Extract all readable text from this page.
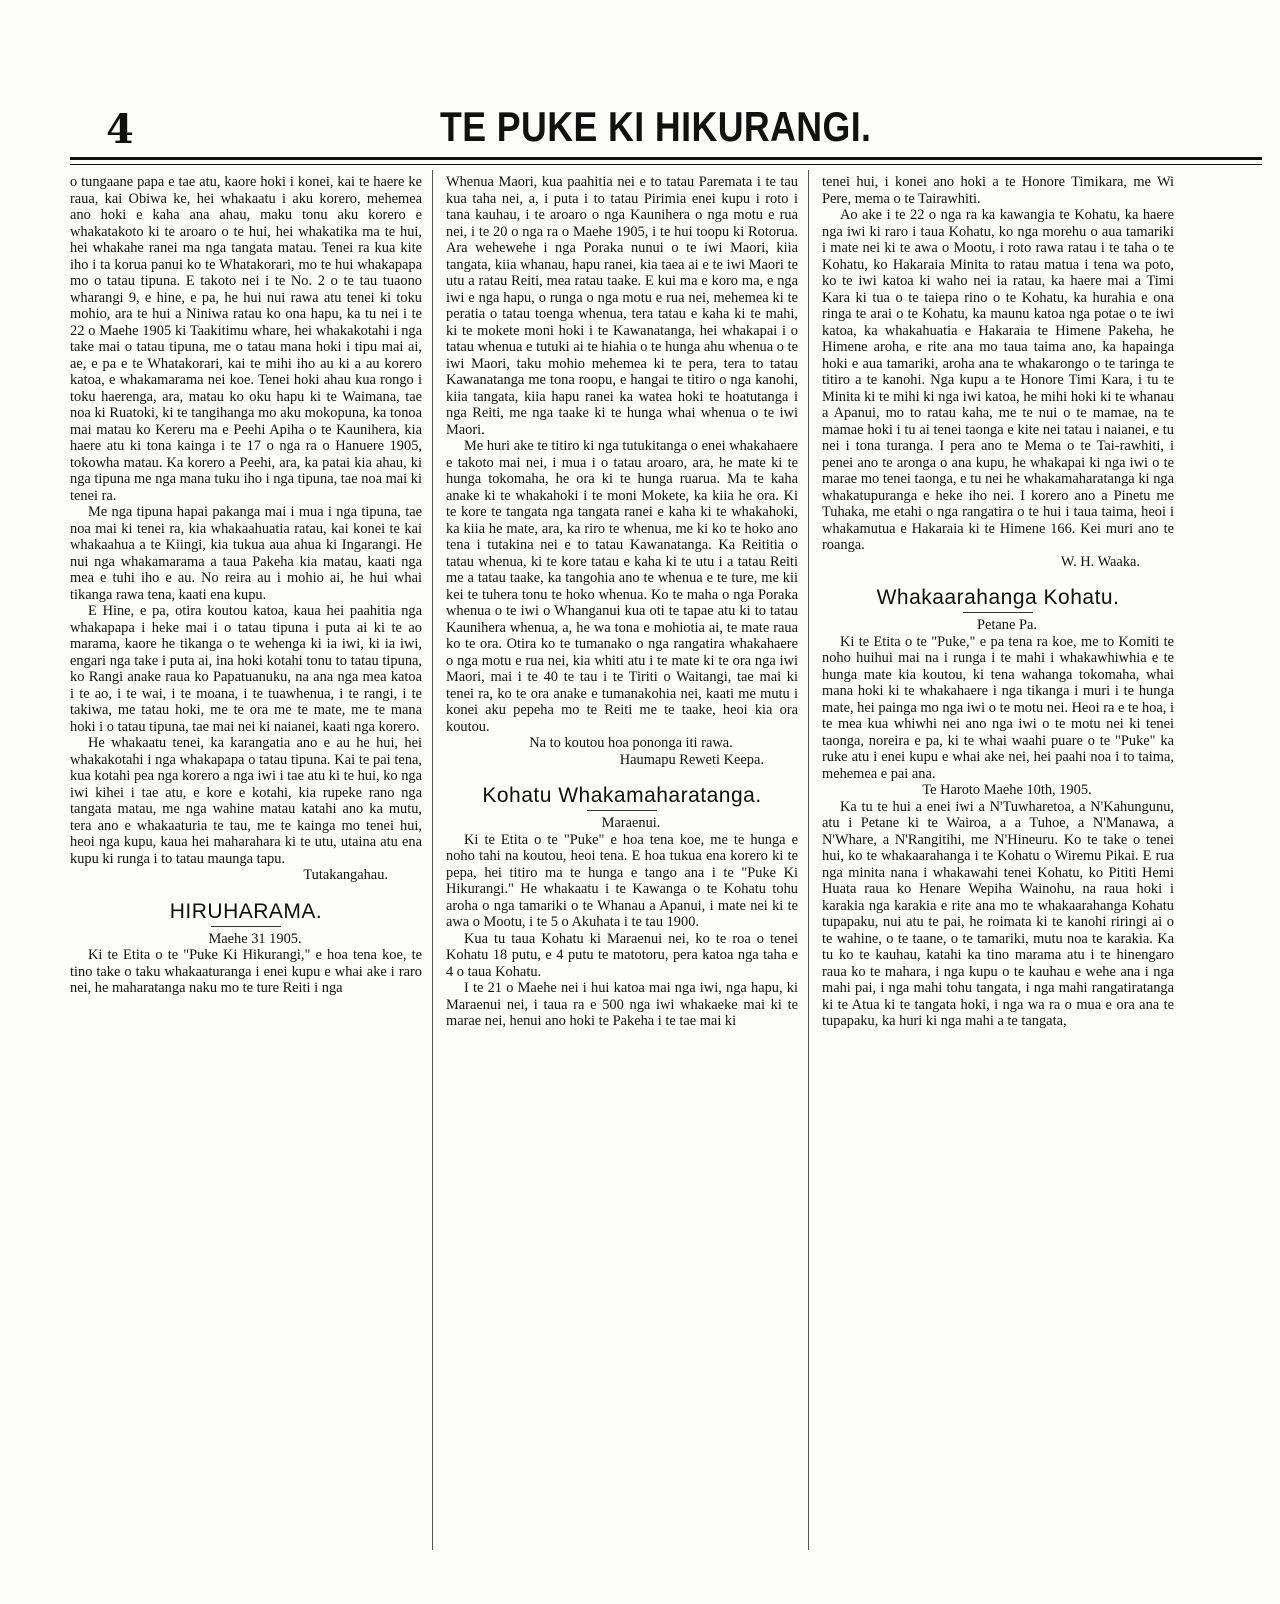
4	TE PUKE KI HIKURANGI.

o tungaane papa e tae atu, kaore hoki i konei, kai te haere ke raua, kai Obiwa ke, hei whakaatu i aku korero, mehemea ano hoki e kaha ana ahau, maku tonu aku korero e whakatakoto ki te aroaro o te hui, hei whakatika ma te hui, hei whakahe ranei ma nga tangata matau. Tenei ra kua kite iho i ta korua panui ko te Whatakorari, mo te hui whakapapa mo o tatau tipuna. E takoto nei i te No. 2 o te tau tuaono wharangi 9, e hine, e pa, he hui nui rawa atu tenei ki toku mohio, ara te hui a Niniwa ratau ko ona hapu, ka tu nei i te 22 o Maehe 1905 ki Taakitimu whare, hei whakakotahi i nga take mai o tatau tipuna, me o tatau mana hoki i tipu mai ai, ae, e pa e te Whatakorari, kai te mihi iho au ki a au korero katoa, e whakamarama nei koe. Tenei hoki ahau kua rongo i toku haerenga, ara, matau ko oku hapu ki te Waimana, tae noa ki Ruatoki, ki te tangihanga mo aku mokopuna, ka tonoa mai matau ko Kereru ma e Peehi Apiha o te Kaunihera, kia haere atu ki tona kainga i te 17 o nga ra o Hanuere 1905, tokowha matau. Ka korero a Peehi, ara, ka patai kia ahau, ki nga tipuna me nga mana tuku iho i nga tipuna, tae noa mai ki tenei ra.

Me nga tipuna hapai pakanga mai i mua i nga tipuna, tae noa mai ki tenei ra, kia whakaahuatia ratau, kai konei te kai whakaahua a te Kiingi, kia tukua aua ahua ki Ingarangi. He nui nga whakamarama a taua Pakeha kia matau, kaati nga mea e tuhi iho e au. No reira au i mohio ai, he hui whai tikanga rawa tena, kaati ena kupu.

E Hine, e pa, otira koutou katoa, kaua hei paahitia nga whakapapa i heke mai i o tatau tipuna i puta ai ki te ao marama, kaore he tikanga o te wehenga ki ia iwi, ki ia iwi, engari nga take i puta ai, ina hoki kotahi tonu to tatau tipuna, ko Rangi anake raua ko Papatuanuku, na ana nga mea katoa i te ao, i te wai, i te moana, i te tuawhenua, i te rangi, i te takiwa, me tatau hoki, me te ora me te mate, me te mana hoki i o tatau tipuna, tae mai nei ki naianei, kaati nga korero.

He whakaatu tenei, ka karangatia ano e au he hui, hei whakakotahi i nga whakapapa o tatau tipuna. Kai te pai tena, kua kotahi pea nga korero a nga iwi i tae atu ki te hui, ko nga iwi kihei i tae atu, e kore e kotahi, kia rupeke rano nga tangata matau, me nga wahine matau katahi ano ka mutu, tera ano e whakaaturia te tau, me te kainga mo tenei hui, heoi nga kupu, kaua hei maharahara ki te utu, utaina atu ena kupu ki runga i to tatau maunga tapu.

Tutakangahau.

HIRUHARAMA.

Maehe 31 1905.

Ki te Etita o te "Puke Ki Hikurangi," e hoa tena koe, te tino take o taku whakaaturanga i enei kupu e whai ake i raro nei, he maharatanga naku mo te ture Reiti i nga

Whenua Maori, kua paahitia nei e to tatau Paremata i te tau kua taha nei, a, i puta i to tatau Pirimia enei kupu i roto i tana kauhau, i te aroaro o nga Kaunihera o nga motu e rua nei, i te 20 o nga ra o Maehe 1905, i te hui toopu ki Rotorua. Ara wehewehe i nga Poraka nunui o te iwi Maori, kiia tangata, kiia whanau, hapu ranei, kia taea ai e te iwi Maori te utu a ratau Reiti, mea ratau taake. E kui ma e koro ma, e nga iwi e nga hapu, o runga o nga motu e rua nei, mehemea ki te peratia o tatau toenga whenua, tera tatau e kaha ki te mahi, ki te mokete moni hoki i te Kawanatanga, hei whakapai i o tatau whenua e tutuki ai te hiahia o te hunga ahu whenua o te iwi Maori, taku mohio mehemea ki te pera, tera to tatau Kawanatanga me tona roopu, e hangai te titiro o nga kanohi, kiia tangata, kiia hapu ranei ka watea hoki te hoatutanga i nga Reiti, me nga taake ki te hunga whai whenua o te iwi Maori.

Me huri ake te titiro ki nga tutukitanga o enei whakahaere e takoto mai nei, i mua i o tatau aroaro, ara, he mate ki te hunga tokomaha, he ora ki te hunga ruarua. Ma te kaha anake ki te whakahoki i te moni Mokete, ka kiia he ora. Ki te kore te tangata nga tangata ranei e kaha ki te whakahoki, ka kiia he mate, ara, ka riro te whenua, me ki ko te hoko ano tena i tutakina nei e to tatau Kawanatanga. Ka Reititia o tatau whenua, ki te kore tatau e kaha ki te utu i a tatau Reiti me a tatau taake, ka tangohia ano te whenua e te ture, me kii kei te tuhera tonu te hoko whenua. Ko te maha o nga Poraka whenua o te iwi o Whanganui kua oti te tapae atu ki to tatau Kaunihera whenua, a, he wa tona e mohiotia ai, te mate raua ko te ora. Otira ko te tumanako o nga rangatira whakahaere o nga motu e rua nei, kia whiti atu i te mate ki te ora nga iwi Maori, mai i te 40 te tau i te Tiriti o Waitangi, tae mai ki tenei ra, ko te ora anake e tumanakohia nei, kaati me mutu i konei aku pepeha mo te Reiti me te taake, heoi kia ora koutou.

Na to koutou hoa pononga iti rawa.

Haumapu Reweti Keepa.

Kohatu Whakamaharatanga.

Maraenui.

Ki te Etita o te "Puke" e hoa tena koe, me te hunga e noho tahi na koutou, heoi tena. E hoa tukua ena korero ki te pepa, hei titiro ma te hunga e tango ana i te "Puke Ki Hikurangi." He whakaatu i te Kawanga o te Kohatu tohu aroha o nga tamariki o te Whanau a Apanui, i mate nei ki te awa o Mootu, i te 5 o Akuhata i te tau 1900.

Kua tu taua Kohatu ki Maraenui nei, ko te roa o tenei Kohatu 18 putu, e 4 putu te matotoru, pera katoa nga taha e 4 o taua Kohatu.

I te 21 o Maehe nei i hui katoa mai nga iwi, nga hapu, ki Maraenui nei, i taua ra e 500 nga iwi whakaeke mai ki te marae nei, henui ano hoki te Pakeha i te tae mai ki

tenei hui, i konei ano hoki a te Honore Timikara, me Wi Pere, mema o te Tairawhiti.

Ao ake i te 22 o nga ra ka kawangia te Kohatu, ka haere nga iwi ki raro i taua Kohatu, ko nga morehu o aua tamariki i mate nei ki te awa o Mootu, i roto rawa ratau i te taha o te Kohatu, ko Hakaraia Minita to ratau matua i tena wa poto, ko te iwi katoa ki waho nei ia ratau, ka haere mai a Timi Kara ki tua o te taiepa rino o te Kohatu, ka hurahia e ona ringa te arai o te Kohatu, ka maunu katoa nga potae o te iwi katoa, ka whakahuatia e Hakaraia te Himene Pakeha, he Himene aroha, e rite ana mo taua taima ano, ka hapainga hoki e aua tamariki, aroha ana te whakarongo o te taringa te titiro a te kanohi. Nga kupu a te Honore Timi Kara, i tu te Minita ki te mihi ki nga iwi katoa, he mihi hoki ki te whanau a Apanui, mo to ratau kaha, me te nui o te mamae, na te mamae hoki i tu ai tenei taonga e kite nei tatau i naianei, e tu nei i tona turanga. I pera ano te Mema o te Tai-rawhiti, i penei ano te aronga o ana kupu, he whakapai ki nga iwi o te marae mo tenei taonga, e tu nei he whakamaharatanga ki nga whakatupuranga e heke iho nei. I korero ano a Pinetu me Tuhaka, me etahi o nga rangatira o te hui i taua taima, heoi i whakamutua e Hakaraia ki te Himene 166. Kei muri ano te roanga.

W. H. Waaka.

Whakaarahanga Kohatu.

Petane Pa.

Ki te Etita o te "Puke," e pa tena ra koe, me to Komiti te noho huihui mai na i runga i te mahi i whakawhiwhia e te hunga mate kia koutou, ki tena wahanga tokomaha, whai mana hoki ki te whakahaere i nga tikanga i muri i te hunga mate, hei painga mo nga iwi o te motu nei. Heoi ra e te hoa, i te mea kua whiwhi nei ano nga iwi o te motu nei ki tenei taonga, noreira e pa, ki te whai waahi puare o te "Puke" ka ruke atu i enei kupu e whai ake nei, hei paahi noa i to taima, mehemea e pai ana.

Te Haroto Maehe 10th, 1905.

Ka tu te hui a enei iwi a N'Tuwharetoa, a N'Kahungunu, atu i Petane ki te Wairoa, a a Tuhoe, a N'Manawa, a N'Whare, a N'Rangitihi, me N'Hineuru. Ko te take o tenei hui, ko te whakaarahanga i te Kohatu o Wiremu Pikai. E rua nga minita nana i whakawahi tenei Kohatu, ko Pititi Hemi Huata raua ko Henare Wepiha Wainohu, na raua hoki i karakia nga karakia e rite ana mo te whakaarahanga Kohatu tupapaku, nui atu te pai, he roimata ki te kanohi riringi ai o te wahine, o te taane, o te tamariki, mutu noa te karakia. Ka tu ko te kauhau, katahi ka tino marama atu i te hinengaro raua ko te mahara, i nga kupu o te kauhau e wehe ana i nga mahi pai, i nga mahi tohu tangata, i nga mahi rangatiratanga ki te Atua ki te tangata hoki, i nga wa ra o mua e ora ana te tupapaku, ka huri ki nga mahi a te tangata,
